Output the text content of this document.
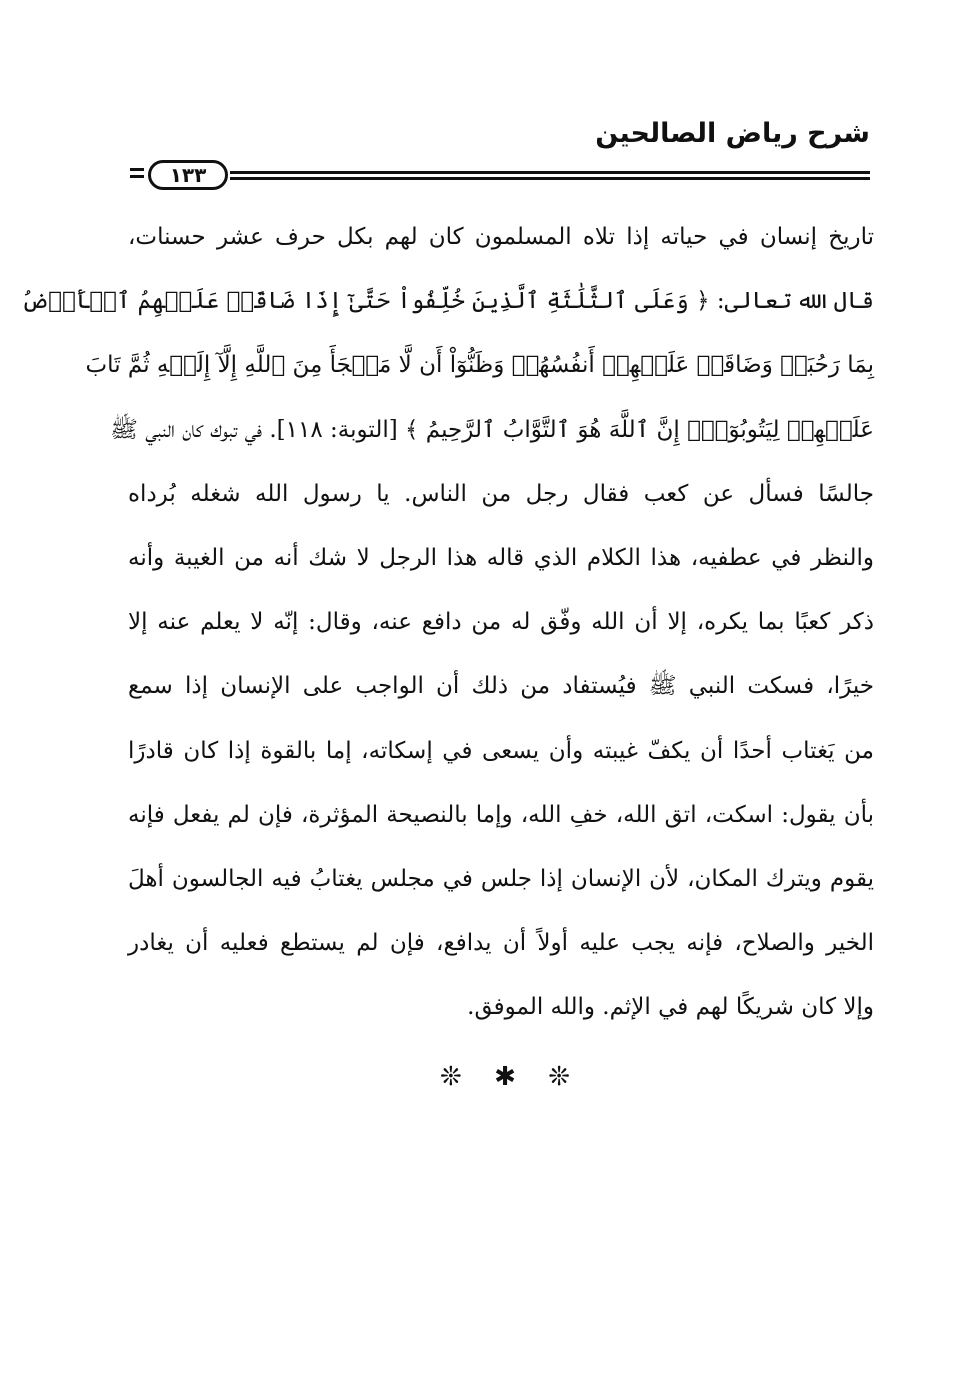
شرح رياض الصالحين
١٣٣
تاريخ إنسان في حياته إذا تلاه المسلمون كان لهم بكل حرف عشر حسنات،
قال الله تعالى: ﴿ وَعَلَى ٱلثَّلَٰثَةِ ٱلَّذِينَ خُلِّفُواْ حَتَّىٰٓ إِذَا ضَاقَتۡ عَلَيۡهِمُ ٱلۡأَرۡضُ
بِمَا رَحُبَتۡ وَضَاقَتۡ عَلَيۡهِمۡ أَنفُسُهُمۡ وَظَنُّوٓاْ أَن لَّا مَلۡجَأَ مِنَ ٱللَّهِ إِلَّآ إِلَيۡهِ ثُمَّ تَابَ
عَلَيۡهِمۡ لِيَتُوبُوٓاْۚ إِنَّ ٱللَّهَ هُوَ ٱلتَّوَّابُ ٱلرَّحِيمُ ﴾ [التوبة: ١١٨]. في تبوك كان النبي ﷺ
جالسًا فسأل عن كعب فقال رجل من الناس. يا رسول الله شغله بُرداه
والنظر في عطفيه، هذا الكلام الذي قاله هذا الرجل لا شك أنه من الغيبة وأنه
ذكر كعبًا بما يكره، إلا أن الله وفّق له من دافع عنه، وقال: إنّه لا يعلم عنه إلا
خيرًا، فسكت النبي ﷺ فيُستفاد من ذلك أن الواجب على الإنسان إذا سمع
من يَغتاب أحدًا أن يكفّ غيبته وأن يسعى في إسكاته، إما بالقوة إذا كان قادرًا
بأن يقول: اسكت، اتق الله، خفِ الله، وإما بالنصيحة المؤثرة، فإن لم يفعل فإنه
يقوم ويترك المكان، لأن الإنسان إذا جلس في مجلس يغتابُ فيه الجالسون أهلَ
الخير والصلاح، فإنه يجب عليه أولاً أن يدافع، فإن لم يستطع فعليه أن يغادر
وإلا كان شريكًا لهم في الإثم. والله الموفق.
❊ ✱ ❊
